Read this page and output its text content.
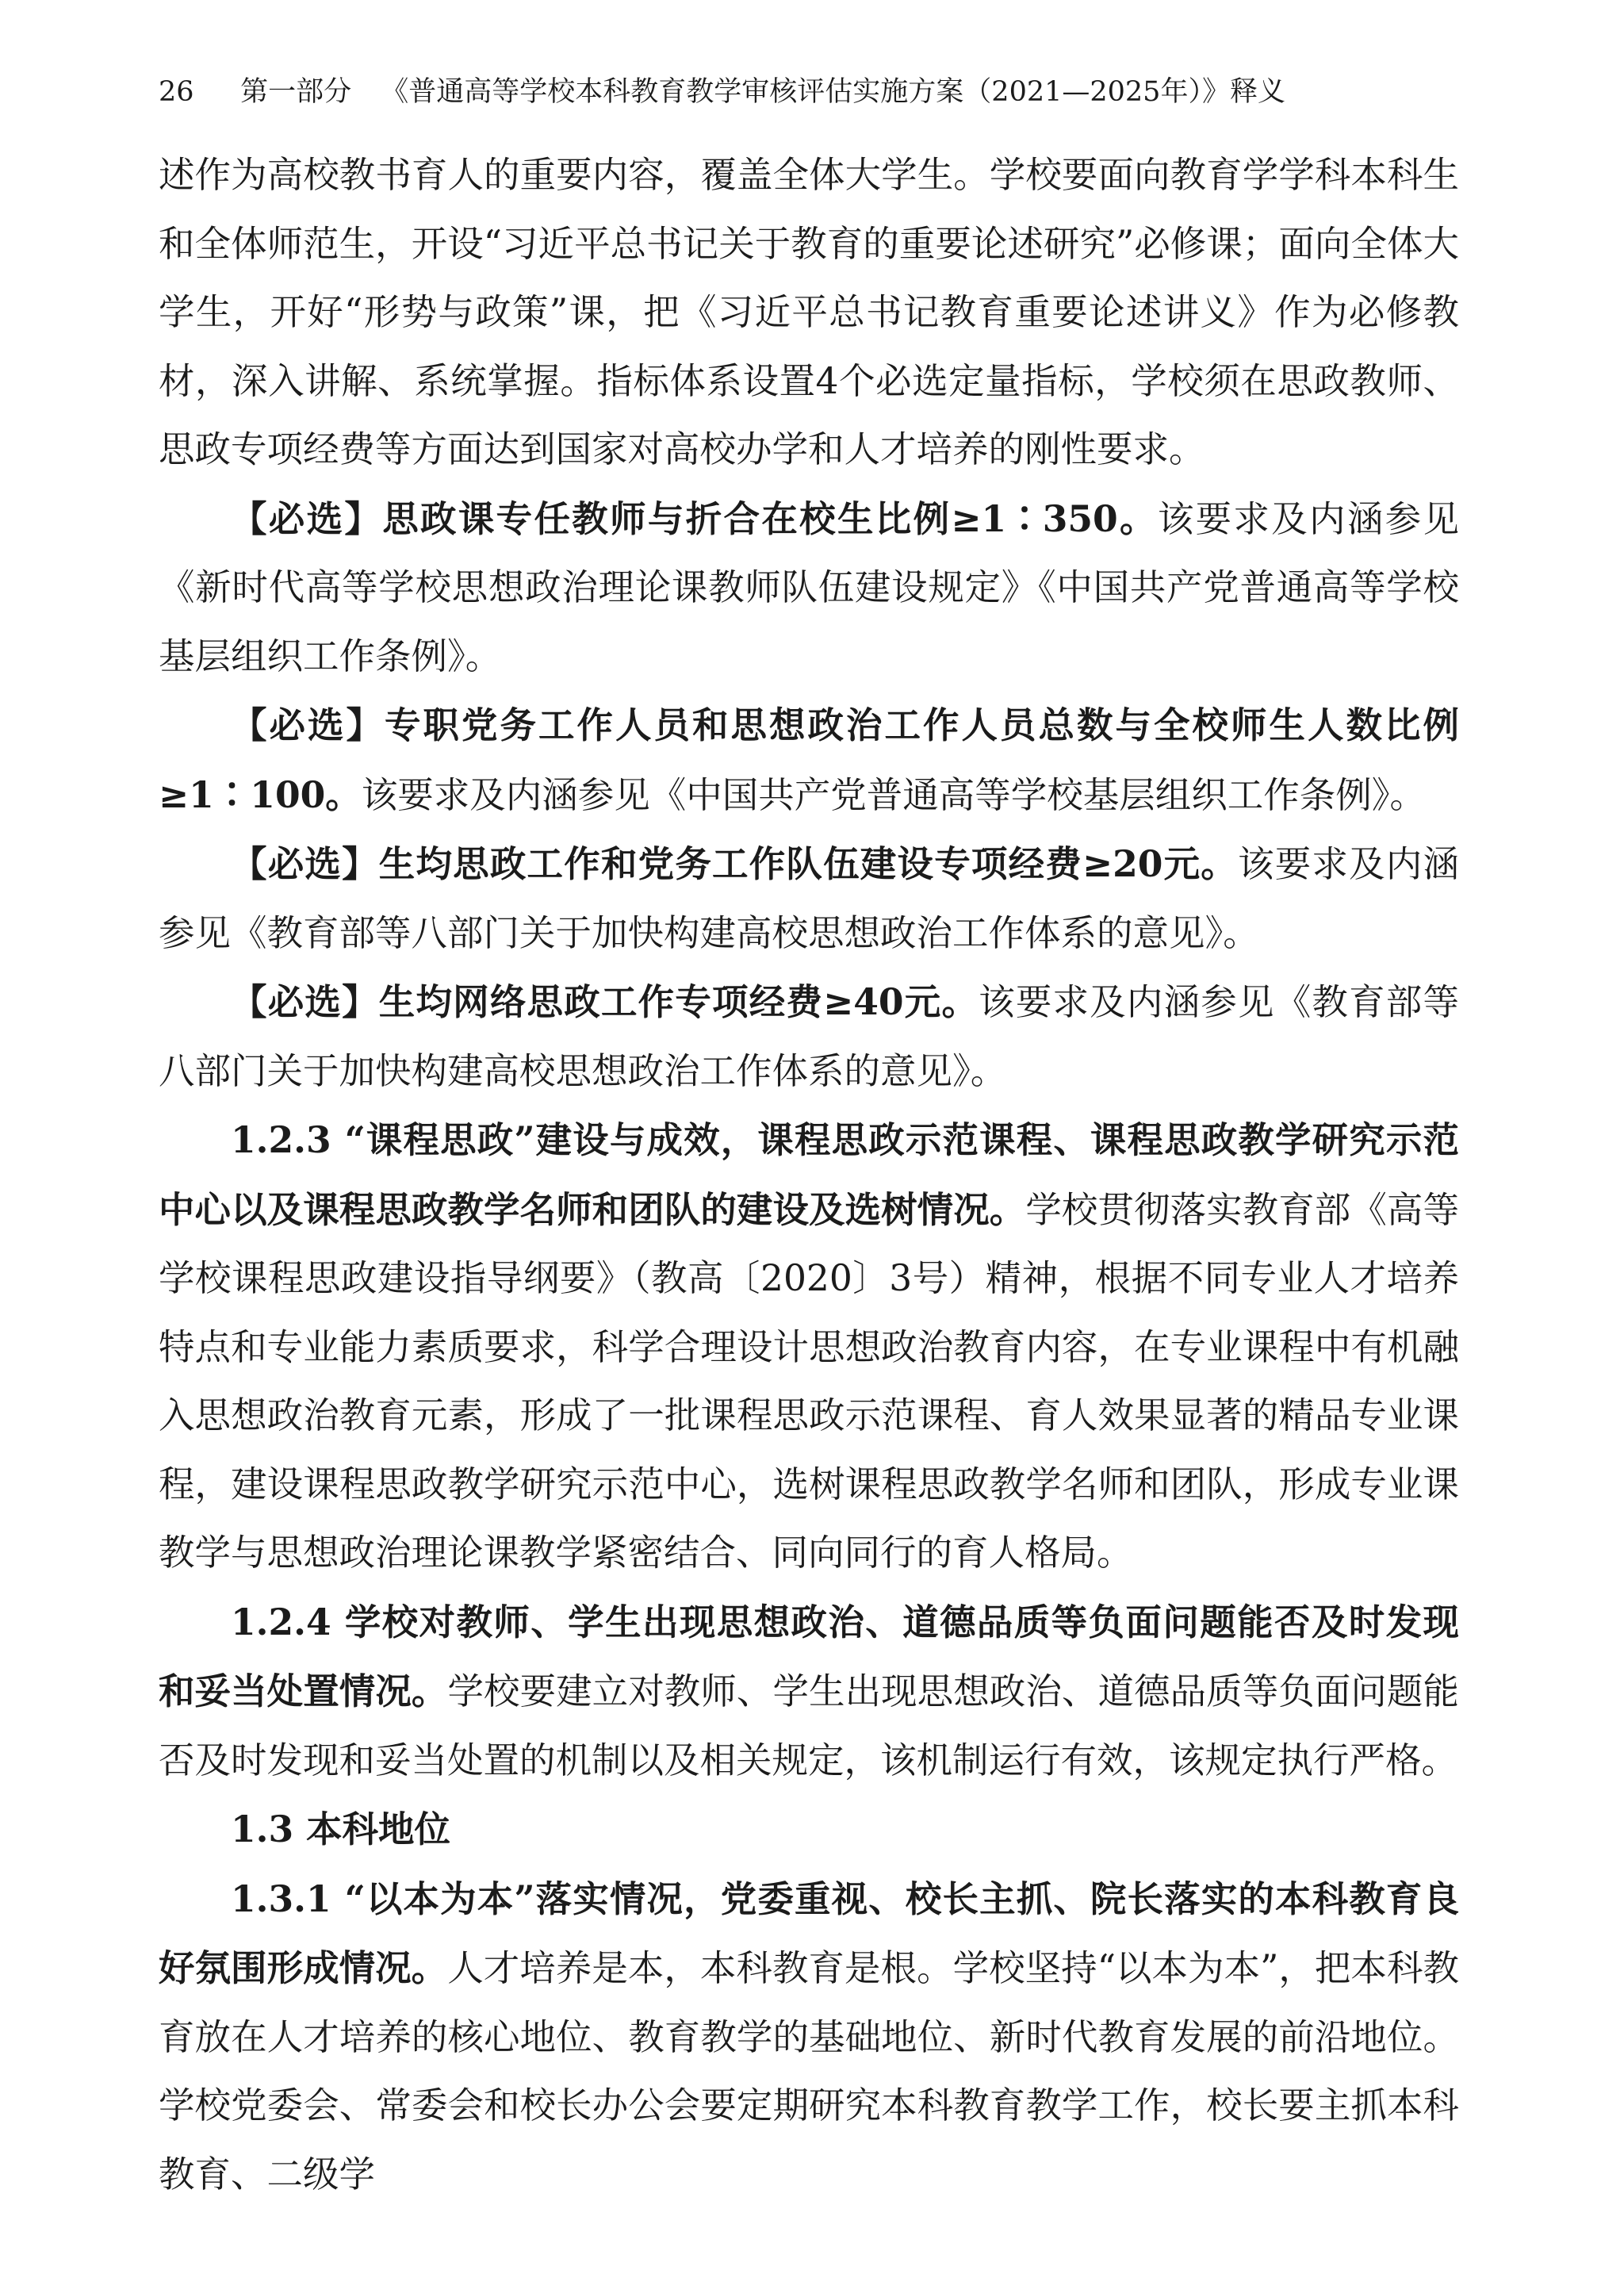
26 第一部分 《普通高等学校本科教育教学审核评估实施方案（2021—2025年）》释义

述作为高校教书育人的重要内容，覆盖全体大学生。学校要面向教育学学科本科生和全体师范生，开设“习近平总书记关于教育的重要论述研究”必修课；面向全体大学生，开好“形势与政策”课，把《习近平总书记教育重要论述讲义》作为必修教材，深入讲解、系统掌握。指标体系设置4个必选定量指标，学校须在思政教师、思政专项经费等方面达到国家对高校办学和人才培养的刚性要求。

【必选】思政课专任教师与折合在校生比例≥1∶350。该要求及内涵参见《新时代高等学校思想政治理论课教师队伍建设规定》《中国共产党普通高等学校基层组织工作条例》。

【必选】专职党务工作人员和思想政治工作人员总数与全校师生人数比例≥1∶100。该要求及内涵参见《中国共产党普通高等学校基层组织工作条例》。

【必选】生均思政工作和党务工作队伍建设专项经费≥20元。该要求及内涵参见《教育部等八部门关于加快构建高校思想政治工作体系的意见》。

【必选】生均网络思政工作专项经费≥40元。该要求及内涵参见《教育部等八部门关于加快构建高校思想政治工作体系的意见》。

1.2.3 “课程思政”建设与成效，课程思政示范课程、课程思政教学研究示范中心以及课程思政教学名师和团队的建设及选树情况。学校贯彻落实教育部《高等学校课程思政建设指导纲要》（教高〔2020〕3号）精神，根据不同专业人才培养特点和专业能力素质要求，科学合理设计思想政治教育内容，在专业课程中有机融入思想政治教育元素，形成了一批课程思政示范课程、育人效果显著的精品专业课程，建设课程思政教学研究示范中心，选树课程思政教学名师和团队，形成专业课教学与思想政治理论课教学紧密结合、同向同行的育人格局。

1.2.4 学校对教师、学生出现思想政治、道德品质等负面问题能否及时发现和妥当处置情况。学校要建立对教师、学生出现思想政治、道德品质等负面问题能否及时发现和妥当处置的机制以及相关规定，该机制运行有效，该规定执行严格。

1.3 本科地位

1.3.1 “以本为本”落实情况，党委重视、校长主抓、院长落实的本科教育良好氛围形成情况。人才培养是本，本科教育是根。学校坚持“以本为本”，把本科教育放在人才培养的核心地位、教育教学的基础地位、新时代教育发展的前沿地位。学校党委会、常委会和校长办公会要定期研究本科教育教学工作，校长要主抓本科教育、二级学
